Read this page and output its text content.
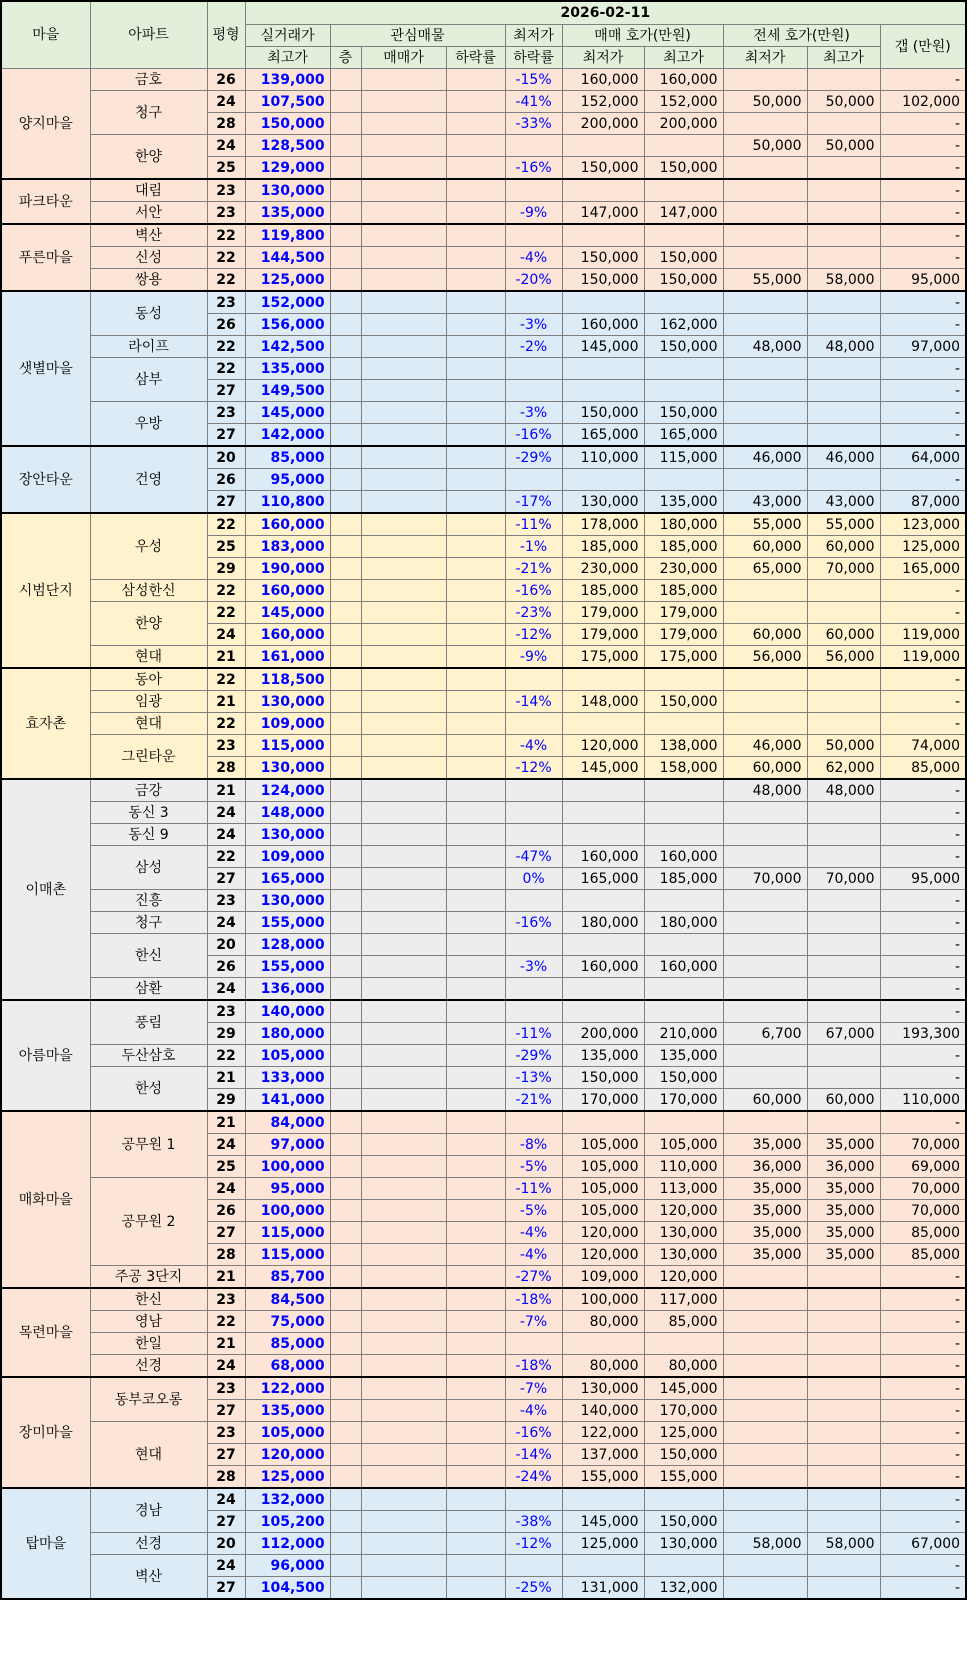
마을	아파트	평형	2026-02-11									
			실거래가	관심매물			최저가	매매 호가(만원)		전세 호가(만원)		갭 (만원)
			최고가	층	매매가	하락률	하락률	최저가	최고가	최저가	최고가	
양지마을	금호	26	139,000				-15%	160,000	160,000			-
	청구	24	107,500				-41%	152,000	152,000	50,000	50,000	102,000
		28	150,000				-33%	200,000	200,000			-
	한양	24	128,500							50,000	50,000	-
		25	129,000				-16%	150,000	150,000			-
파크타운	대림	23	130,000									-
	서안	23	135,000				-9%	147,000	147,000			-
푸른마을	벽산	22	119,800									-
	신성	22	144,500				-4%	150,000	150,000			-
	쌍용	22	125,000				-20%	150,000	150,000	55,000	58,000	95,000
샛별마을	동성	23	152,000									-
		26	156,000				-3%	160,000	162,000			-
	라이프	22	142,500				-2%	145,000	150,000	48,000	48,000	97,000
	삼부	22	135,000									-
		27	149,500									-
	우방	23	145,000				-3%	150,000	150,000			-
		27	142,000				-16%	165,000	165,000			-
장안타운	건영	20	85,000				-29%	110,000	115,000	46,000	46,000	64,000
		26	95,000									-
		27	110,800				-17%	130,000	135,000	43,000	43,000	87,000
시범단지	우성	22	160,000				-11%	178,000	180,000	55,000	55,000	123,000
		25	183,000				-1%	185,000	185,000	60,000	60,000	125,000
		29	190,000				-21%	230,000	230,000	65,000	70,000	165,000
	삼성한신	22	160,000				-16%	185,000	185,000			-
	한양	22	145,000				-23%	179,000	179,000			-
		24	160,000				-12%	179,000	179,000	60,000	60,000	119,000
	현대	21	161,000				-9%	175,000	175,000	56,000	56,000	119,000
효자촌	동아	22	118,500									-
	임광	21	130,000				-14%	148,000	150,000			-
	현대	22	109,000									-
	그린타운	23	115,000				-4%	120,000	138,000	46,000	50,000	74,000
		28	130,000				-12%	145,000	158,000	60,000	62,000	85,000
이매촌	금강	21	124,000							48,000	48,000	-
	동신 3	24	148,000									-
	동신 9	24	130,000									-
	삼성	22	109,000				-47%	160,000	160,000			-
		27	165,000				0%	165,000	185,000	70,000	70,000	95,000
	진흥	23	130,000									-
	청구	24	155,000				-16%	180,000	180,000			-
	한신	20	128,000									-
		26	155,000				-3%	160,000	160,000			-
	삼환	24	136,000									-
아름마을	풍림	23	140,000									-
		29	180,000				-11%	200,000	210,000	6,700	67,000	193,300
	두산삼호	22	105,000				-29%	135,000	135,000			-
	한성	21	133,000				-13%	150,000	150,000			-
		29	141,000				-21%	170,000	170,000	60,000	60,000	110,000
매화마을	공무원 1	21	84,000									-
		24	97,000				-8%	105,000	105,000	35,000	35,000	70,000
		25	100,000				-5%	105,000	110,000	36,000	36,000	69,000
	공무원 2	24	95,000				-11%	105,000	113,000	35,000	35,000	70,000
		26	100,000				-5%	105,000	120,000	35,000	35,000	70,000
		27	115,000				-4%	120,000	130,000	35,000	35,000	85,000
		28	115,000				-4%	120,000	130,000	35,000	35,000	85,000
	주공 3단지	21	85,700				-27%	109,000	120,000			-
목련마을	한신	23	84,500				-18%	100,000	117,000			-
	영남	22	75,000				-7%	80,000	85,000			-
	한일	21	85,000									-
	선경	24	68,000				-18%	80,000	80,000			-
장미마을	동부코오롱	23	122,000				-7%	130,000	145,000			-
		27	135,000				-4%	140,000	170,000			-
	현대	23	105,000				-16%	122,000	125,000			-
		27	120,000				-14%	137,000	150,000			-
		28	125,000				-24%	155,000	155,000			-
탑마을	경남	24	132,000									-
		27	105,200				-38%	145,000	150,000			-
	선경	20	112,000				-12%	125,000	130,000	58,000	58,000	67,000
	벽산	24	96,000									-
		27	104,500				-25%	131,000	132,000			-
